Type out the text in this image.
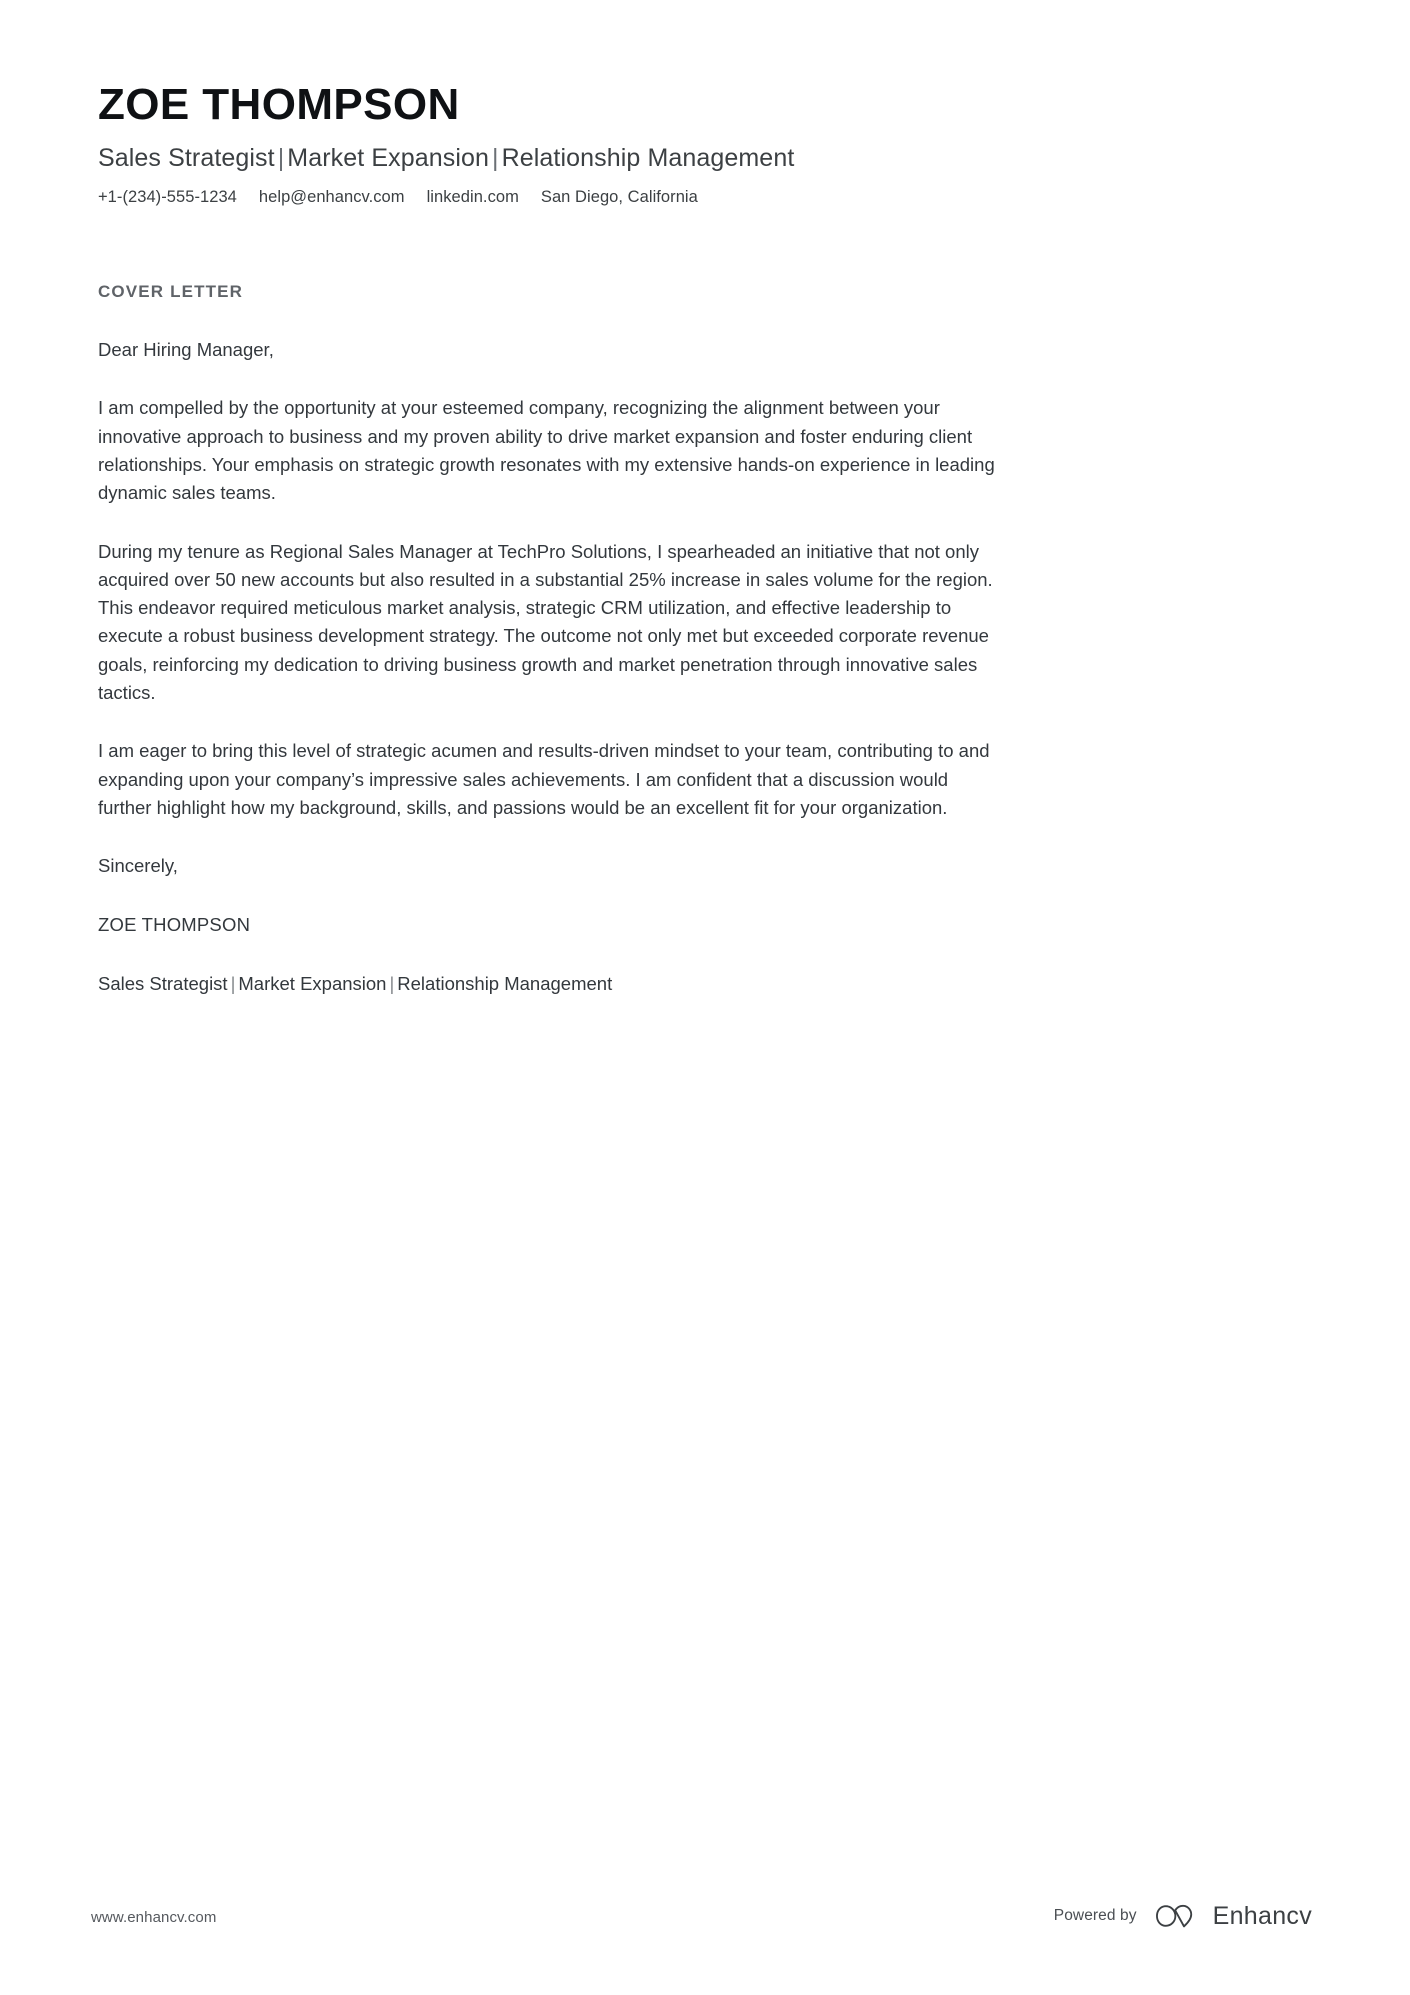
ZOE THOMPSON
Sales Strategist | Market Expansion | Relationship Management
+1-(234)-555-1234 help@enhancv.com linkedin.com San Diego, California
COVER LETTER

Dear Hiring Manager,

I am compelled by the opportunity at your esteemed company, recognizing the alignment between your innovative approach to business and my proven ability to drive market expansion and foster enduring client relationships. Your emphasis on strategic growth resonates with my extensive hands-on experience in leading dynamic sales teams.

During my tenure as Regional Sales Manager at TechPro Solutions, I spearheaded an initiative that not only acquired over 50 new accounts but also resulted in a substantial 25% increase in sales volume for the region. This endeavor required meticulous market analysis, strategic CRM utilization, and effective leadership to execute a robust business development strategy. The outcome not only met but exceeded corporate revenue goals, reinforcing my dedication to driving business growth and market penetration through innovative sales tactics.

I am eager to bring this level of strategic acumen and results-driven mindset to your team, contributing to and expanding upon your company’s impressive sales achievements. I am confident that a discussion would further highlight how my background, skills, and passions would be an excellent fit for your organization.

Sincerely,

ZOE THOMPSON

Sales Strategist | Market Expansion | Relationship Management

www.enhancv.com	Powered by	Enhancv
